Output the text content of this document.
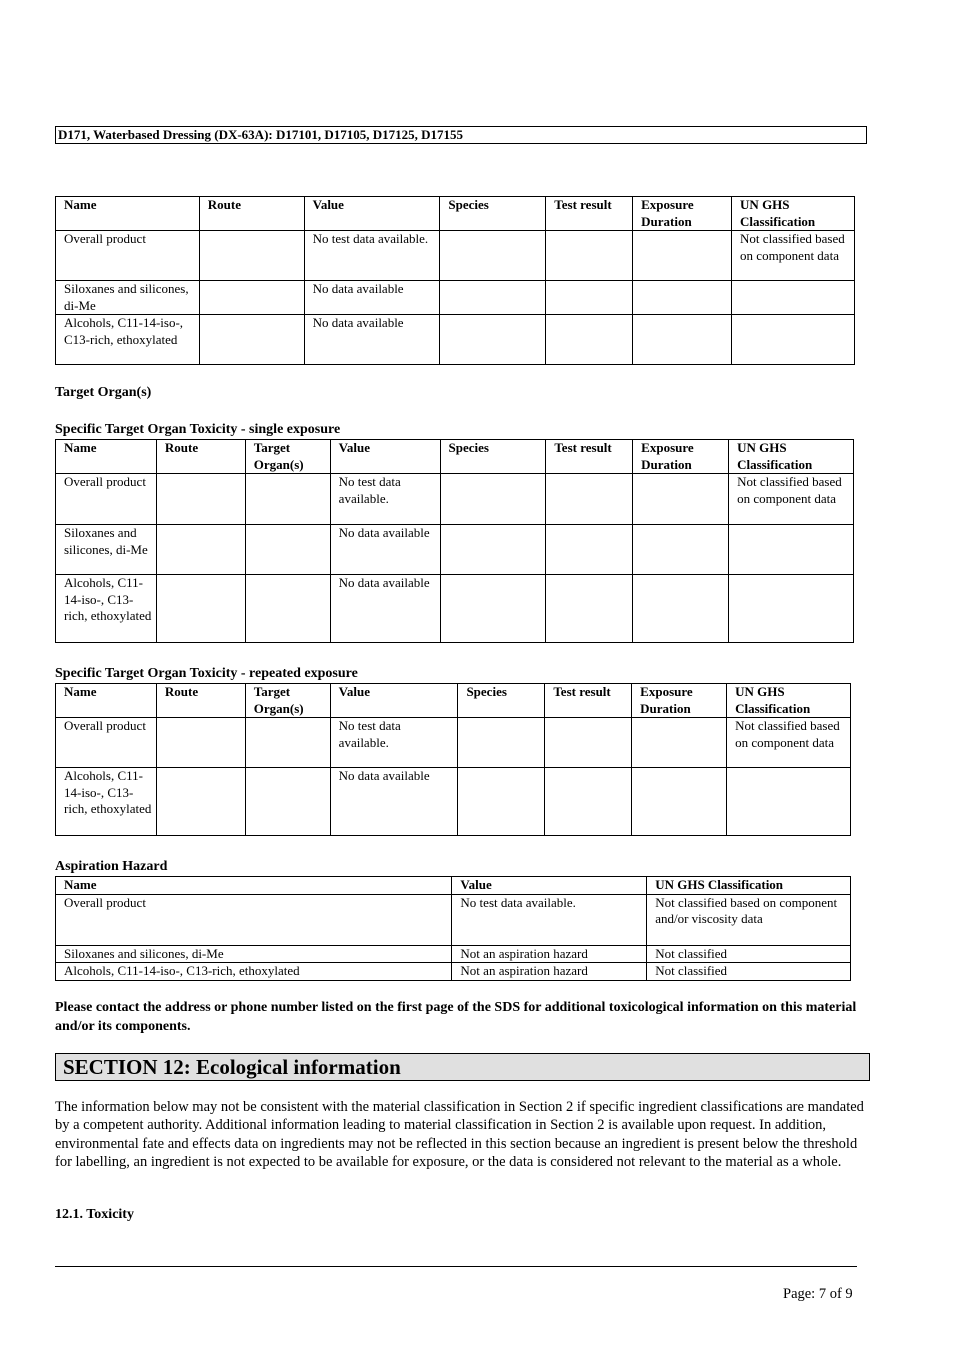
D171, Waterbased Dressing (DX-63A): D17101, D17105, D17125, D17155
Name	Route	Value	Species	Test result	Exposure Duration	UN GHS Classification
Overall product		No test data available.				Not classified based on component data
Siloxanes and silicones, di-Me		No data available				
Alcohols, C11-14-iso-, C13-rich, ethoxylated		No data available				
Target Organ(s)
Specific Target Organ Toxicity - single exposure
Name	Route	Target Organ(s)	Value	Species	Test result	Exposure Duration	UN GHS Classification
Overall product			No test data available.				Not classified based on component data
Siloxanes and silicones, di-Me			No data available				
Alcohols, C11-14-iso-, C13-rich, ethoxylated			No data available				
Specific Target Organ Toxicity - repeated exposure
Name	Route	Target Organ(s)	Value	Species	Test result	Exposure Duration	UN GHS Classification
Overall product			No test data available.				Not classified based on component data
Alcohols, C11-14-iso-, C13-rich, ethoxylated			No data available				
Aspiration Hazard
Name	Value	UN GHS Classification
Overall product	No test data available.	Not classified based on component and/or viscosity data
Siloxanes and silicones, di-Me	Not an aspiration hazard	Not classified
Alcohols, C11-14-iso-, C13-rich, ethoxylated	Not an aspiration hazard	Not classified
Please contact the address or phone number listed on the first page of the SDS for additional toxicological information on this material and/or its components.
SECTION 12: Ecological information
The information below may not be consistent with the material classification in Section 2 if specific ingredient classifications are mandated by a competent authority. Additional information leading to material classification in Section 2 is available upon request. In addition, environmental fate and effects data on ingredients may not be reflected in this section because an ingredient is present below the threshold for labelling, an ingredient is not expected to be available for exposure, or the data is considered not relevant to the material as a whole.
12.1. Toxicity
Page: 7 of 9
